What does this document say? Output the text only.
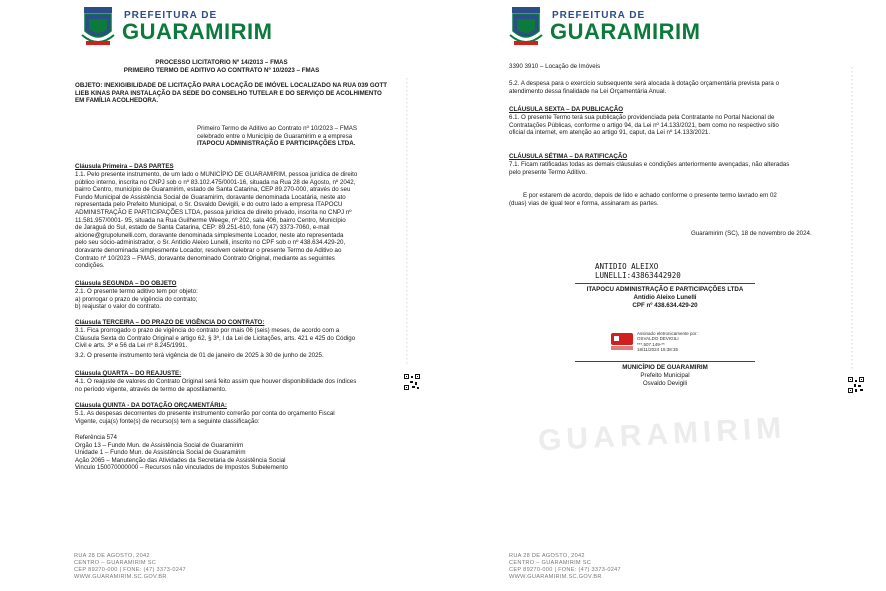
PREFEITURA DE
GUARAMIRIM
PROCESSO LICITATORIO Nº 14/2013 – FMAS
PRIMEIRO TERMO DE ADITIVO AO CONTRATO Nº 10/2023 – FMAS
OBJETO: INEXIGIBILIDADE DE LICITAÇÃO PARA LOCAÇÃO DE IMÓVEL LOCALIZADO NA RUA 039 GOTT
LIEB KINAS PARA INSTALAÇÃO DA SEDE DO CONSELHO TUTELAR E DO SERVIÇO DE ACOLHIMENTO
EM FAMÍLIA ACOLHEDORA.
Primeiro Termo de Aditivo ao Contrato nº 10/2023 – FMAS
celebrado entre o Município de Guaramirim e a empresa
ITAPOCU ADMINISTRAÇÃO E PARTICIPAÇÕES LTDA.
Cláusula Primeira – DAS PARTES
1.1. Pelo presente instrumento, de um lado o MUNICÍPIO DE GUARAMIRIM, pessoa jurídica de direito
público interno, inscrita no CNPJ sob o nº 83.102.475/0001-16, situada na Rua 28 de Agosto, nº 2042,
bairro Centro, município de Guaramirim, estado de Santa Catarina, CEP 89.270-000, através do seu
Fundo Municipal de Assistência Social de Guaramirim, doravante denominada Locatária, neste ato
representada pelo Prefeito Municipal, o Sr. Osvaldo Devigili, e do outro lado a empresa ITAPOCU
ADMINISTRAÇÃO E PARTICIPAÇÕES LTDA, pessoa jurídica de direito privado, inscrita no CNPJ nº
11.581.957/0001- 95, situada na Rua Guilherme Weege, nº 202, sala 406, bairro Centro, Município
de Jaraguá do Sul, estado de Santa Catarina, CEP: 89.251-610, fone (47) 3373-7060, e-mail
alcione@grupolunelli.com, doravante denominada simplesmente Locador, neste ato representada
pelo seu sócio-administrador, o Sr. Antídio Aleixo Lunelli, inscrito no CPF sob o nº 438.634.429-20,
doravante denominada simplesmente Locador, resolvem celebrar o presente Termo de Aditivo ao
Contrato nº 10/2023 – FMAS, doravante denominado Contrato Original, mediante as seguintes
condições.
Cláusula SEGUNDA – DO OBJETO
2.1. O presente termo aditivo tem por objeto:
a) prorrogar o prazo de vigência do contrato;
b) reajustar o valor do contrato.
Cláusula TERCEIRA – DO PRAZO DE VIGÊNCIA DO CONTRATO:
3.1. Fica prorrogado o prazo de vigência do contrato por mais 06 (seis) meses, de acordo com a
Cláusula Sexta do Contrato Original e artigo 62, § 3º, I da Lei de Licitações, arts. 421 e 425 do Código
Civil e arts. 3º e 56 da Lei nº 8.245/1991.
3.2. O presente instrumento terá vigência de 01 de janeiro de 2025 à 30 de junho de 2025.
Cláusula QUARTA – DO REAJUSTE:
4.1. O reajuste de valores do Contrato Original será feito assim que houver disponibilidade dos índices
no período vigente, através de termo de apostilamento.
Cláusula QUINTA - DA DOTAÇÃO ORÇAMENTÁRIA:
5.1. As despesas decorrentes do presente instrumento correrão por conta do orçamento Fiscal
Vigente, cuja(s) fonte(s) de recurso(s) tem a seguinte classificação:
Referência 574
Orgão 13 – Fundo Mun. de Assistência Social de Guaramirim
Unidade 1 – Fundo Mun. de Assistência Social de Guaramirim
Ação 2065 – Manutenção das Atividades da Secretaria de Assistência Social
Vinculo 150070000000 – Recursos não vinculados de Impostos Subelemento
▪▪▪▪▪▪▪▪▪▪▪▪▪▪▪▪▪▪▪▪▪▪▪▪▪▪▪▪▪▪▪▪▪▪▪▪▪▪▪▪▪▪▪▪▪▪▪▪▪▪▪▪▪▪▪▪▪▪▪▪▪▪▪▪▪▪▪▪▪▪▪▪
RUA 28 DE AGOSTO, 2042
CENTRO – GUARAMIRIM SC
CEP 89270-000 | FONE: (47) 3373-0247
WWW.GUARAMIRIM.SC.GOV.BR
PREFEITURA DE
GUARAMIRIM
GUARAMIRIM
3390 3910 – Locação de Imóveis
5.2. A despesa para o exercício subsequente será alocada à dotação orçamentária prevista para o
atendimento dessa finalidade na Lei Orçamentária Anual.
CLÁUSULA SEXTA – DA PUBLICAÇÃO
6.1. O presente Termo terá sua publicação providenciada pela Contratante no Portal Nacional de
Contratações Públicas, conforme o artigo 94, da Lei nº 14.133/2021, bem como no respectivo sítio
oficial da internet, em atenção ao artigo 91, caput, da Lei nº 14.133/2021.
CLÁUSULA SÉTIMA – DA RATIFICAÇÃO
7.1. Ficam ratificadas todas as demais cláusulas e condições anteriormente avençadas, não alteradas
pelo presente Termo Aditivo.
E por estarem de acordo, depois de lido e achado conforme o presente termo lavrado em 02
(duas) vias de igual teor e forma, assinaram as partes.
Guaramirim (SC), 18 de novembro de 2024.
ANTIDIO ALEIXO
LUNELLI:43863442920
ITAPOCU ADMINISTRAÇÃO E PARTICIPAÇÕES LTDA
Antídio Aleixo Lunelli
CPF nº 438.634.429-20
Assinado eletronicamente por:
OSVALDO DEVIGILI
***.507.149-**
18/11/2024 15:38:35
MUNICÍPIO DE GUARAMIRIM
Prefeito Municipal
Osvaldo Devigili
▪▪▪▪▪▪▪▪▪▪▪▪▪▪▪▪▪▪▪▪▪▪▪▪▪▪▪▪▪▪▪▪▪▪▪▪▪▪▪▪▪▪▪▪▪▪▪▪▪▪▪▪▪▪▪▪▪▪▪▪▪▪▪▪▪▪▪▪▪▪▪▪▪▪▪▪
RUA 28 DE AGOSTO, 2042
CENTRO – GUARAMIRIM SC
CEP 89270-000 | FONE: (47) 3373-0247
WWW.GUARAMIRIM.SC.GOV.BR
